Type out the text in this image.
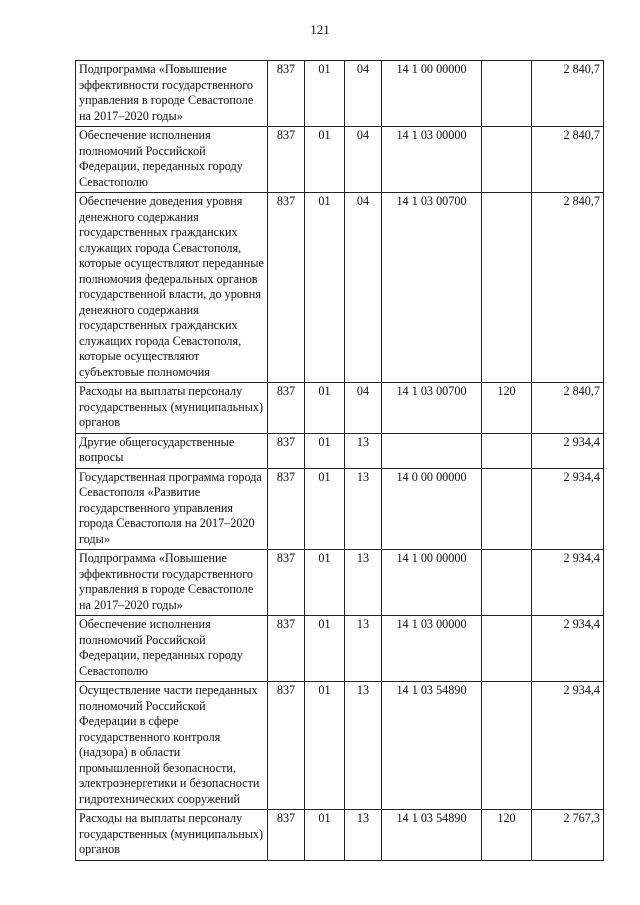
121
Подпрограмма «Повышение эффективности государственного управления в городе Севастополе на 2017–2020 годы»	837	01	04	14 1 00 00000		2 840,7
Обеспечение исполнения полномочий Российской Федерации, переданных городу Севастополю	837	01	04	14 1 03 00000		2 840,7
Обеспечение доведения уровня денежного содержания государственных гражданских служащих города Севастополя, которые осуществляют переданные полномочия федеральных органов государственной власти, до уровня денежного содержания государственных гражданских служащих города Севастополя, которые осуществляют субъектовые полномочия	837	01	04	14 1 03 00700		2 840,7
Расходы на выплаты персоналу государственных (муниципальных) органов	837	01	04	14 1 03 00700	120	2 840,7
Другие общегосударственные вопросы	837	01	13			2 934,4
Государственная программа города Севастополя «Развитие государственного управления города Севастополя на 2017–2020 годы»	837	01	13	14 0 00 00000		2 934,4
Подпрограмма «Повышение эффективности государственного управления в городе Севастополе на 2017–2020 годы»	837	01	13	14 1 00 00000		2 934,4
Обеспечение исполнения полномочий Российской Федерации, переданных городу Севастополю	837	01	13	14 1 03 00000		2 934,4
Осуществление части переданных полномочий Российской Федерации в сфере государственного контроля (надзора) в области промышленной безопасности, электроэнергетики и безопасности гидротехнических сооружений	837	01	13	14 1 03 54890		2 934,4
Расходы на выплаты персоналу государственных (муниципальных) органов	837	01	13	14 1 03 54890	120	2 767,3
